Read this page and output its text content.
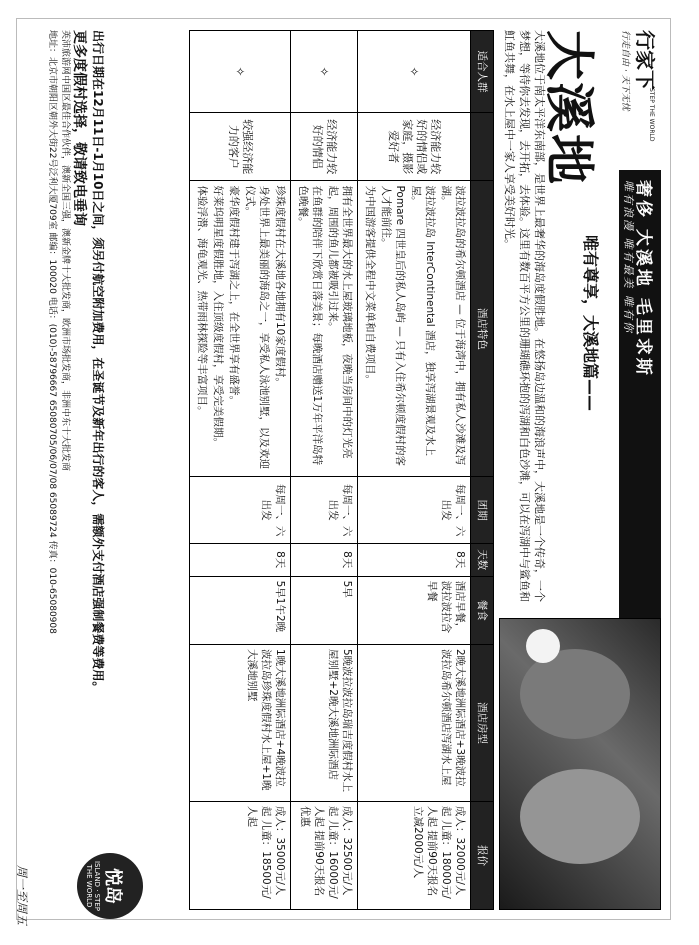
行家下
STEP THE WORLD
行走自由 · 天下无忧
奢侈 大溪地 毛里求斯
唯有浪漫 唯有最美 唯有你
大溪地
唯有尊享，大溪地篇——
大溪地位于南太平洋东南部，是世界上最奢华的海岛度假胜地。在悠扬岛边温和的海浪声中，大溪地是一个传奇，一个梦想，等待你去发现，去开拓，去体验。这里有数百平方公里的珊瑚礁环抱的泻湖和白色沙滩，可以在泻湖中与鲨鱼和魟鱼共舞，在水上屋中一家人享受美好时光。
适合人群		酒店特色	团期	天数	餐食	酒店房型	报价
✧	经济能力较好的情侣或家庭，摄影爱好者	波拉波拉岛的希尔顿酒店 — 位于海湾中，拥有私人沙滩及泻湖。
波拉波拉岛 InterContinental 酒店，独享泻湖景观及水上屋。
Pomare 四世皇后的私人岛屿 — 只有入住希尔顿度假村的客人才能前往。
为中国游客提供全程中文菜单和自费项目。	每周一、六出发	8天	酒店早餐，波拉波拉含早餐	2晚大溪地洲际酒店+3晚波拉波拉岛希尔顿酒店泻湖水上屋	成人：32000元/人起 儿童：18000元/人起 提前90天报名立减2000元/人
✧	经济能力较好的情侣	拥有全世界最大的水上屋玻璃地板，夜晚当房间中的灯光亮起，周围的鱼儿都被吸引过来。
在鱼群的陪伴下欣赏日落美景；每晚酒店赠送1万年平洋岛特色晚餐。	每周一、六出发	8天	5早	5晚波拉波拉岛瑞吉度假村水上屋别墅+2晚大溪地洲际酒店	成人：32500元/人起 儿童：16000元/人起 提前90天报名优惠
✧	较强经济能力的客户	珍珠度假村在大溪地各地拥有10家度假村。
身处世界上最美丽的海岛之一，享受私人泳池别墅，以及欢迎仪式。
豪华度假村建于泻湖之上，在全世界享有盛誉。
好莱坞明星度假胜地，入住顶级度假村，享受完美假期。
体验浮潜、海龟观光、热带雨林探险等丰富项目。	每周一、六出发	8天	5早1午2晚	1晚大溪地洲际酒店+4晚波拉波拉岛珍珠度假村水上屋+1晚大溪地别墅	成人：35000元/人起 儿童：18500元/人起
出行日期在12月11日-1月10日之间，须另付航空附加费用，在圣诞节及新年出行的客人，需额外支付酒店强制餐费等费用。
更多度假村选择，敬请致电垂询
英沛旅游网中国区最佳合作伙伴，澳新全国三强，澳新金牌十大批发商，欧洲市场批发商，非洲中东十大批发商
地址：北京市朝阳区朝外大街22号泛利大厦709室 邮编：100020 电话：(010)-58796667 65080705/06/07/08 65089724 传真：010-65080908
悦岛
ISLAND · STEP THE WORLD
周一至周五
